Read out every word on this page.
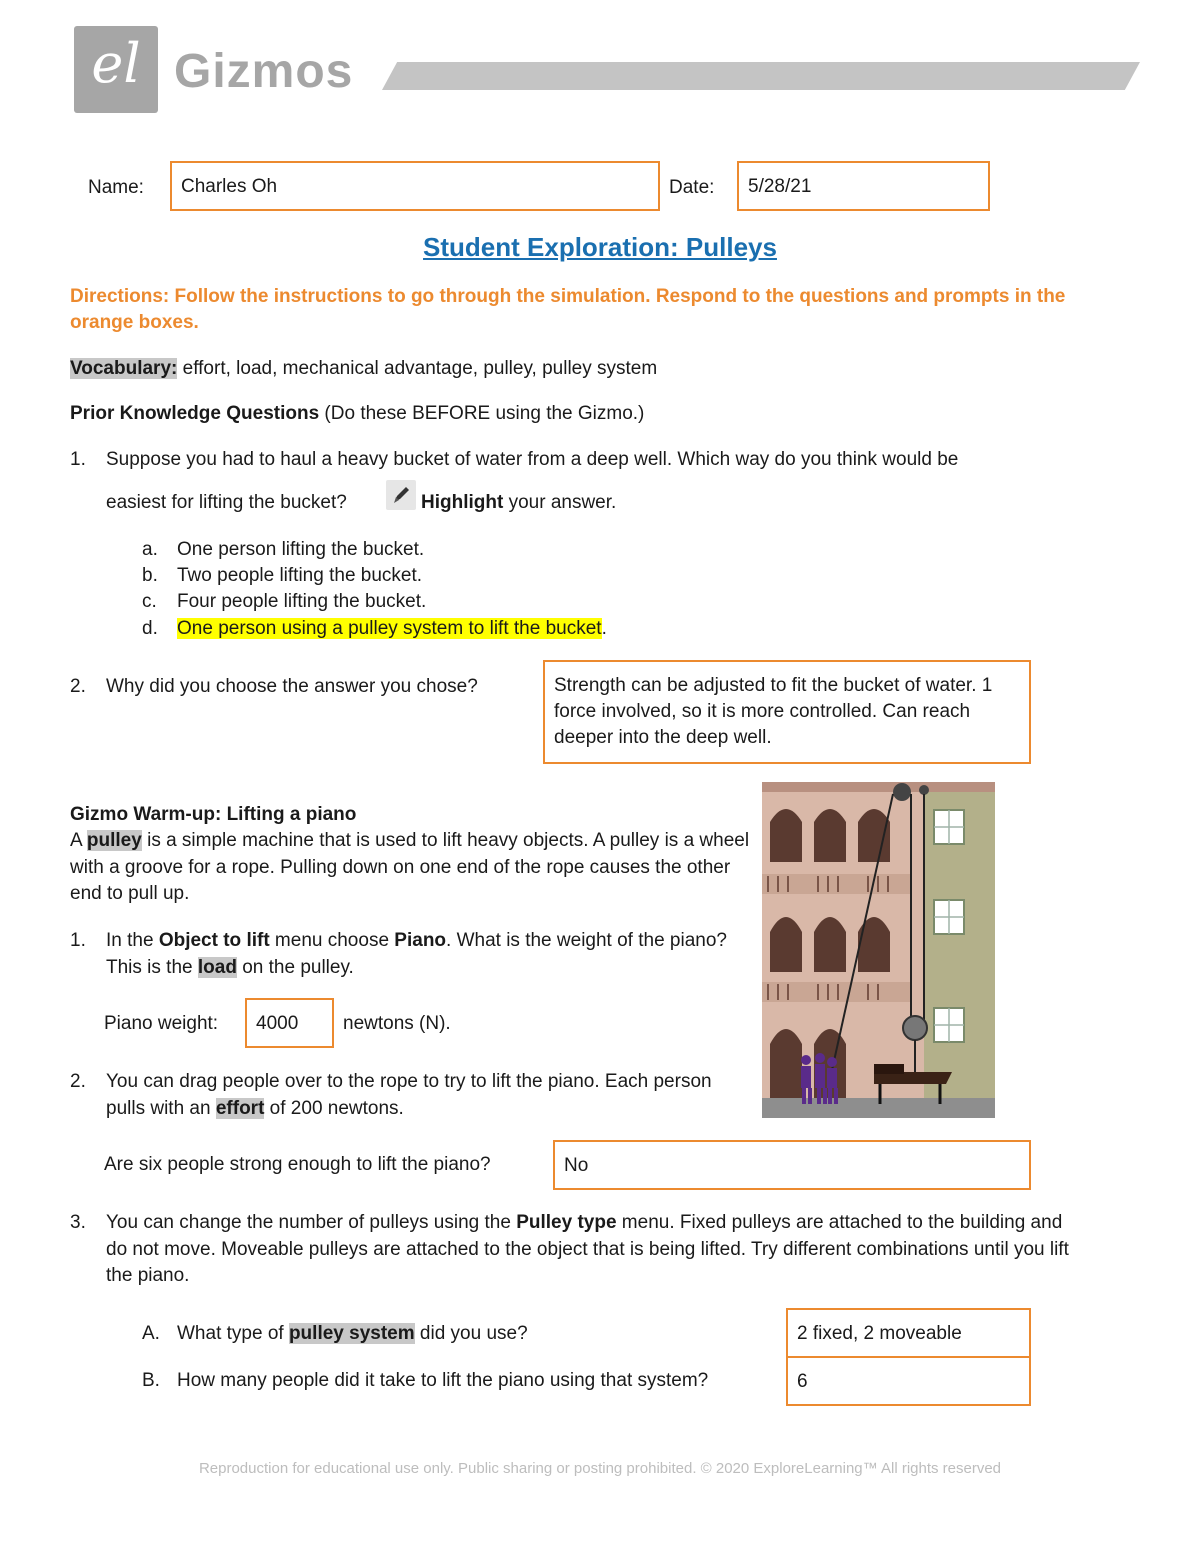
el Gizmos
Name:	Charles Oh	Date:	5/28/21
Student Exploration: Pulleys
Directions: Follow the instructions to go through the simulation. Respond to the questions and prompts in the orange boxes.
Vocabulary: effort, load, mechanical advantage, pulley, pulley system
Prior Knowledge Questions (Do these BEFORE using the Gizmo.)
1. Suppose you had to haul a heavy bucket of water from a deep well. Which way do you think would be
easiest for lifting the bucket?	Highlight your answer.
a. One person lifting the bucket.
b. Two people lifting the bucket.
c. Four people lifting the bucket.
d. One person using a pulley system to lift the bucket.
2. Why did you choose the answer you chose?	Strength can be adjusted to fit the bucket of water. 1 force involved, so it is more controlled. Can reach deeper into the deep well.
Gizmo Warm-up: Lifting a piano
A pulley is a simple machine that is used to lift heavy objects. A pulley is a wheel with a groove for a rope. Pulling down on one end of the rope causes the other end to pull up.
1. In the Object to lift menu choose Piano. What is the weight of the piano? This is the load on the pulley.
Piano weight:	4000	newtons (N).
2. You can drag people over to the rope to try to lift the piano. Each person pulls with an effort of 200 newtons.
Are six people strong enough to lift the piano?	No
3. You can change the number of pulleys using the Pulley type menu. Fixed pulleys are attached to the building and do not move. Moveable pulleys are attached to the object that is being lifted. Try different combinations until you lift the piano.
A. What type of pulley system did you use?	2 fixed, 2 moveable
B. How many people did it take to lift the piano using that system?	6
Reproduction for educational use only. Public sharing or posting prohibited. © 2020 ExploreLearning™ All rights reserved
